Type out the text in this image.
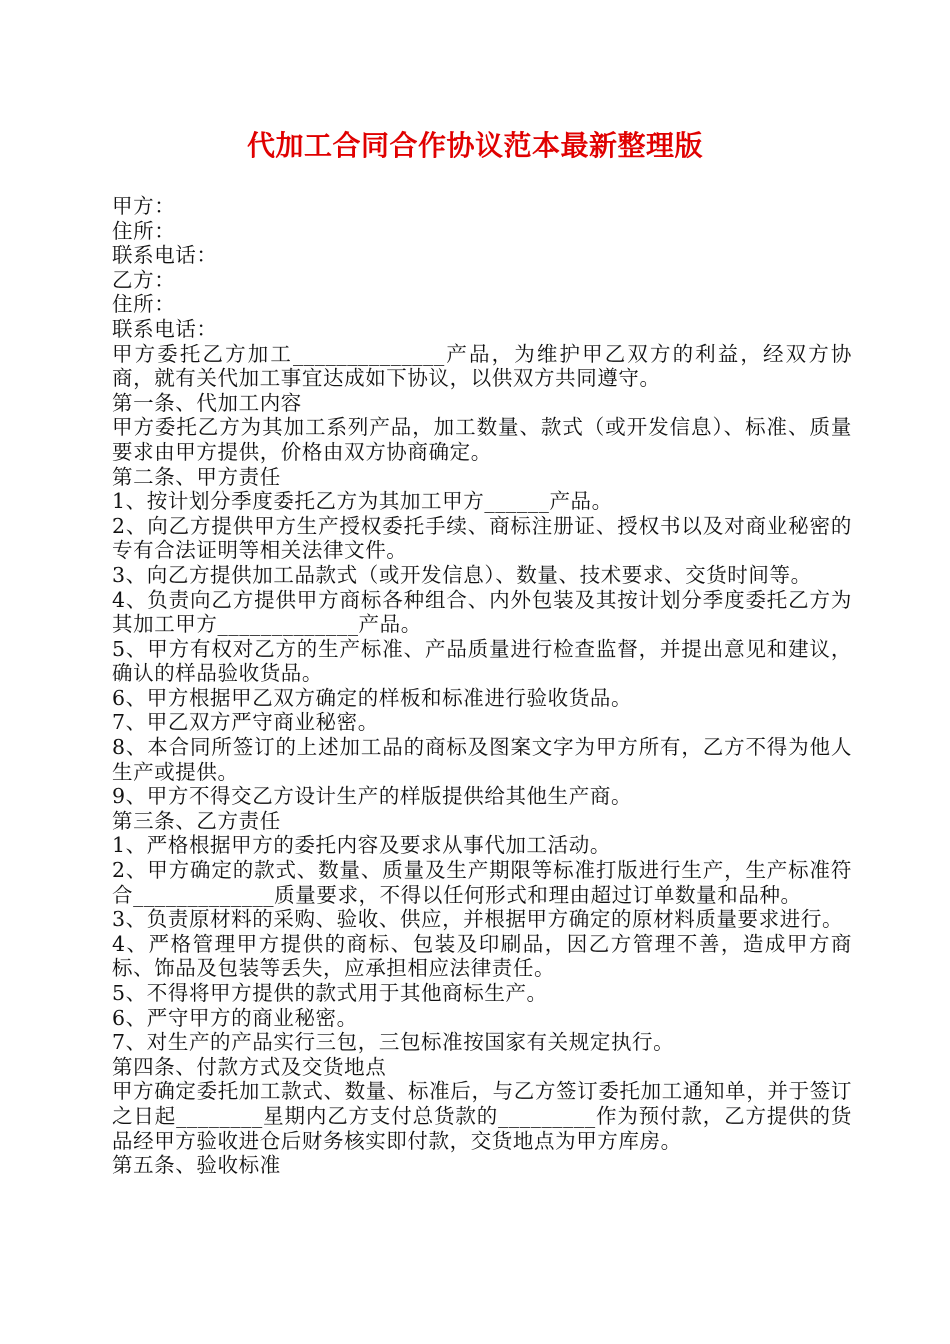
代加工合同合作协议范本最新整理版

甲方：

住所：

联系电话：

乙方：

住所：

联系电话：

甲方委托乙方加工______________产品，为维护甲乙双方的利益，经双方协商，就有关代加工事宜达成如下协议，以供双方共同遵守。

第一条、代加工内容

甲方委托乙方为其加工系列产品，加工数量、款式（或开发信息）、标准、质量要求由甲方提供，价格由双方协商确定。

第二条、甲方责任

1、按计划分季度委托乙方为其加工甲方______产品。

2、向乙方提供甲方生产授权委托手续、商标注册证、授权书以及对商业秘密的专有合法证明等相关法律文件。

3、向乙方提供加工品款式（或开发信息）、数量、技术要求、交货时间等。

4、负责向乙方提供甲方商标各种组合、内外包装及其按计划分季度委托乙方为其加工甲方_____________产品。

5、甲方有权对乙方的生产标准、产品质量进行检查监督，并提出意见和建议，确认的样品验收货品。

6、甲方根据甲乙双方确定的样板和标准进行验收货品。

7、甲乙双方严守商业秘密。

8、本合同所签订的上述加工品的商标及图案文字为甲方所有，乙方不得为他人生产或提供。

9、甲方不得交乙方设计生产的样版提供给其他生产商。

第三条、乙方责任

1、严格根据甲方的委托内容及要求从事代加工活动。

2、甲方确定的款式、数量、质量及生产期限等标准打版进行生产，生产标准符合_____________质量要求，不得以任何形式和理由超过订单数量和品种。

3、负责原材料的采购、验收、供应，并根据甲方确定的原材料质量要求进行。

4、严格管理甲方提供的商标、包装及印刷品，因乙方管理不善，造成甲方商标、饰品及包装等丢失，应承担相应法律责任。

5、不得将甲方提供的款式用于其他商标生产。

6、严守甲方的商业秘密。

7、对生产的产品实行三包，三包标准按国家有关规定执行。

第四条、付款方式及交货地点

甲方确定委托加工款式、数量、标准后，与乙方签订委托加工通知单，并于签订之日起________星期内乙方支付总货款的_________作为预付款，乙方提供的货品经甲方验收进仓后财务核实即付款，交货地点为甲方库房。

第五条、验收标准
